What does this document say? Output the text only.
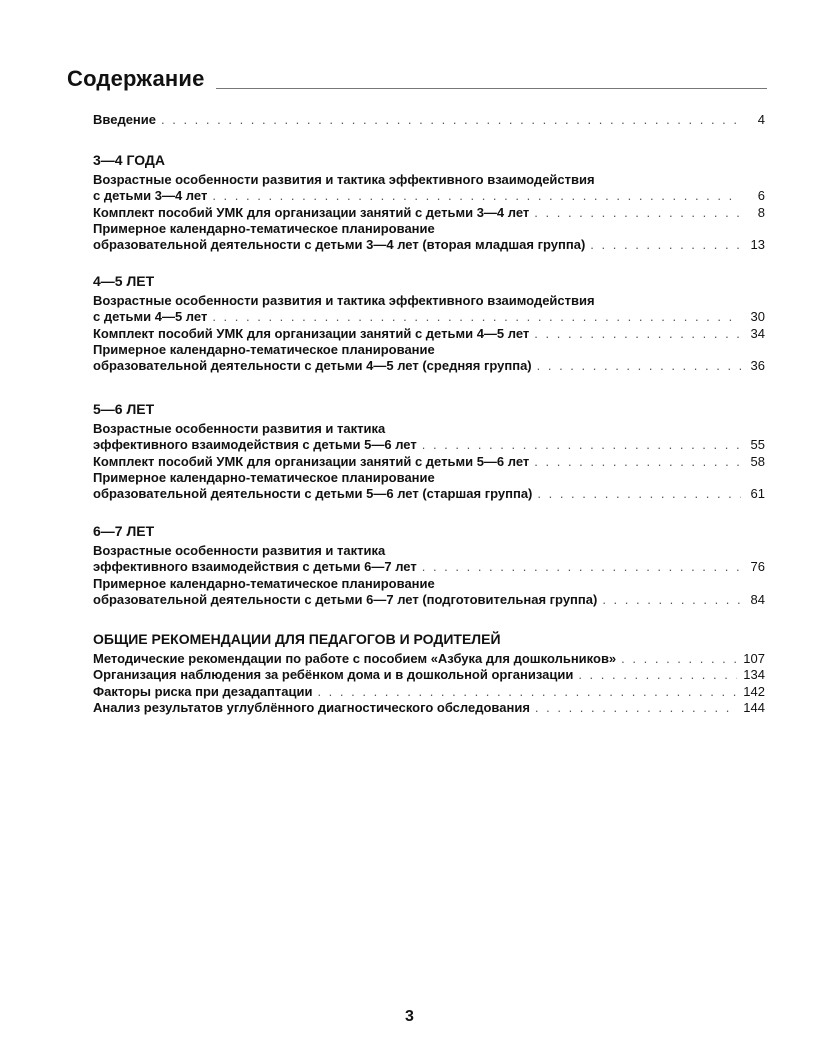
Содержание
Введение . . .	4
3—4 ГОДА
Возрастные особенности развития и тактика эффективного взаимодействия
с детьми 3—4 лет . . .	6
Комплект пособий УМК для организации занятий с детьми 3—4 лет . . .	8
Примерное календарно-тематическое планирование
образовательной деятельности с детьми 3—4 лет (вторая младшая группа) . . .	13
4—5 ЛЕТ
Возрастные особенности развития и тактика эффективного взаимодействия
с детьми 4—5 лет . . .	30
Комплект пособий УМК для организации занятий с детьми 4—5 лет . . .	34
Примерное календарно-тематическое планирование
образовательной деятельности с детьми 4—5 лет (средняя группа) . . .	36
5—6 ЛЕТ
Возрастные особенности развития и тактика
эффективного взаимодействия с детьми 5—6 лет . . .	55
Комплект пособий УМК для организации занятий с детьми 5—6 лет . . .	58
Примерное календарно-тематическое планирование
образовательной деятельности с детьми 5—6 лет (старшая группа) . . .	61
6—7 ЛЕТ
Возрастные особенности развития и тактика
эффективного взаимодействия с детьми 6—7 лет . . .	76
Примерное календарно-тематическое планирование
образовательной деятельности с детьми 6—7 лет (подготовительная группа) . . .	84
ОБЩИЕ РЕКОМЕНДАЦИИ ДЛЯ ПЕДАГОГОВ И РОДИТЕЛЕЙ
Методические рекомендации по работе с пособием «Азбука для дошкольников» . . .	107
Организация наблюдения за ребёнком дома и в дошкольной организации . . .	134
Факторы риска при дезадаптации . . .	142
Анализ результатов углублённого диагностического обследования . . .	144
3
